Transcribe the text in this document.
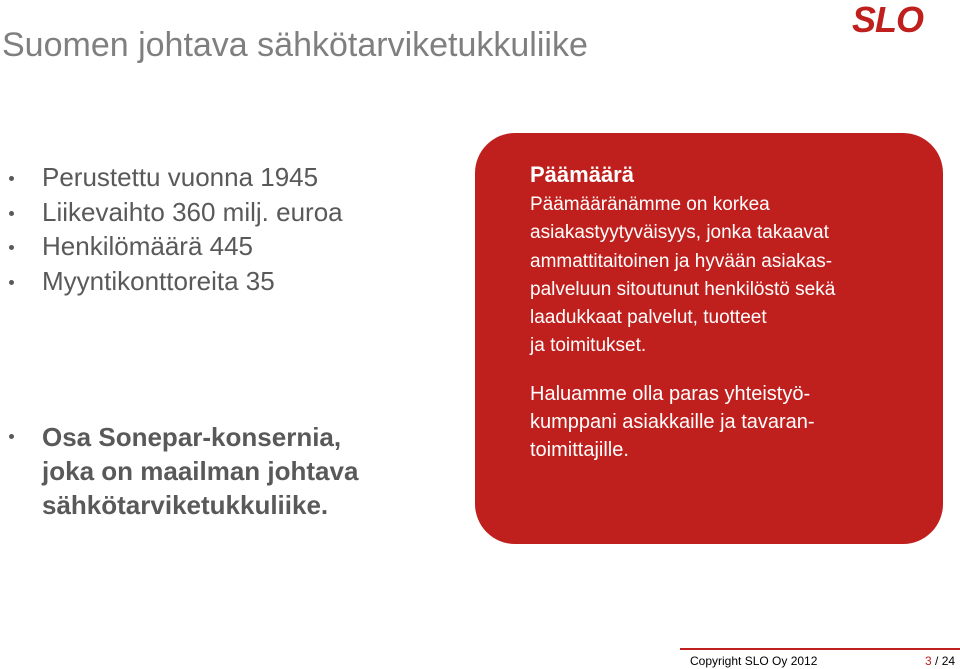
Suomen johtava sähkötarviketukkuliike
SLO
Perustettu vuonna 1945
Liikevaihto 360 milj. euroa
Henkilömäärä 445
Myyntikonttoreita 35
Osa Sonepar-konsernia,
joka on maailman johtava
sähkötarviketukkuliike.
Päämäärä
Päämääränämme on korkea
asiakastyytyväisyys, jonka takaavat
ammattitaitoinen ja hyvään asiakas-
palveluun sitoutunut henkilöstö sekä
laadukkaat palvelut, tuotteet
ja toimitukset.
Haluamme olla paras yhteistyö-
kumppani asiakkaille ja tavaran-
toimittajille.
Copyright SLO Oy 2012	3 / 24
